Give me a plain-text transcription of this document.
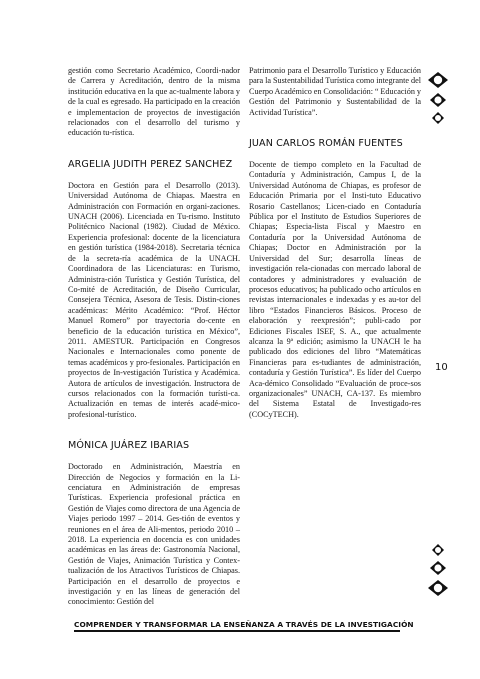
gestión como Secretario Académico, Coordi-nador de Carrera y Acreditación, dentro de la misma institución educativa en la que ac-tualmente labora y de la cual es egresado. Ha participado en la creación e implementacion de proyectos de investigación relacionados con el desarrollo del turismo y educación tu-rística.

ARGELIA JUDITH PEREZ SANCHEZ

Doctora en Gestión para el Desarrollo (2013). Universidad Autónoma de Chiapas. Maestra en Administración con Formación en organi-zaciones. UNACH (2006). Licenciada en Tu-rismo. Instituto Politécnico Nacional (1982). Ciudad de México. Experiencia profesional: docente de la licenciatura en gestión turística (1984-2018). Secretaria técnica de la secreta-ría académica de la UNACH. Coordinadora de las Licenciaturas: en Turismo, Administra-ción Turística y Gestión Turística, del Co-mité de Acreditación, de Diseño Curricular, Consejera Técnica, Asesora de Tesis. Distin-ciones académicas: Mérito Académico: “Prof. Héctor Manuel Romero” por trayectoria do-cente en beneficio de la educación turística en México”, 2011. AMESTUR. Participación en Congresos Nacionales e Internacionales como ponente de temas académicos y pro-fesionales. Participación en proyectos de In-vestigación Turística y Académica. Autora de artículos de investigación. Instructora de cursos relacionados con la formación turísti-ca. Actualización en temas de interés acadé-mico-profesional-turístico.

MÓNICA JUÁREZ IBARIAS

Doctorado en Administración, Maestría en Dirección de Negocios y formación en la Li-cenciatura en Administración de empresas Turísticas. Experiencia profesional práctica en Gestión de Viajes como directora de una Agencia de Viajes periodo 1997 – 2014. Ges-tión de eventos y reuniones en el área de Ali-mentos, periodo 2010 – 2018. La experiencia en docencia es con unidades académicas en las áreas de: Gastronomía Nacional, Gestión de Viajes, Animación Turística y Contex-tualización de los Atractivos Turísticos de Chiapas. Participación en el desarrollo de proyectos e investigación y en las líneas de generación del conocimiento: Gestión del

Patrimonio para el Desarrollo Turístico y Educación para la Sustentabilidad Turística como integrante del Cuerpo Académico en Consolidación: “ Educación y Gestión del Patrimonio y Sustentabilidad de la Actividad Turística”.

JUAN CARLOS ROMÁN FUENTES

Docente de tiempo completo en la Facultad de Contaduría y Administración, Campus I, de la Universidad Autónoma de Chiapas, es profesor de Educación Primaria por el Insti-tuto Educativo Rosario Castellanos; Licen-ciado en Contaduría Pública por el Instituto de Estudios Superiores de Chiapas; Especia-lista Fiscal y Maestro en Contaduría por la Universidad Autónoma de Chiapas; Doctor en Administración por la Universidad del Sur; desarrolla líneas de investigación rela-cionadas con mercado laboral de contadores y administradores y evaluación de procesos educativos; ha publicado ocho artículos en revistas internacionales e indexadas y es au-tor del libro “Estados Financieros Básicos. Proceso de elaboración y reexpresión”; publi-cado por Ediciones Fiscales ISEF, S. A., que actualmente alcanza la 9ª edición; asimismo la UNACH le ha publicado dos ediciones del libro “Matemáticas Financieras para es-tudiantes de administración, contaduría y Gestión Turística”. Es líder del Cuerpo Aca-démico Consolidado “Evaluación de proce-sos organizacionales” UNACH, CA-137. Es miembro del Sistema Estatal de Investigado-res (COCyTECH).

10
COMPRENDER Y TRANSFORMAR LA ENSEÑANZA A TRAVÉS DE LA INVESTIGACIÓN
